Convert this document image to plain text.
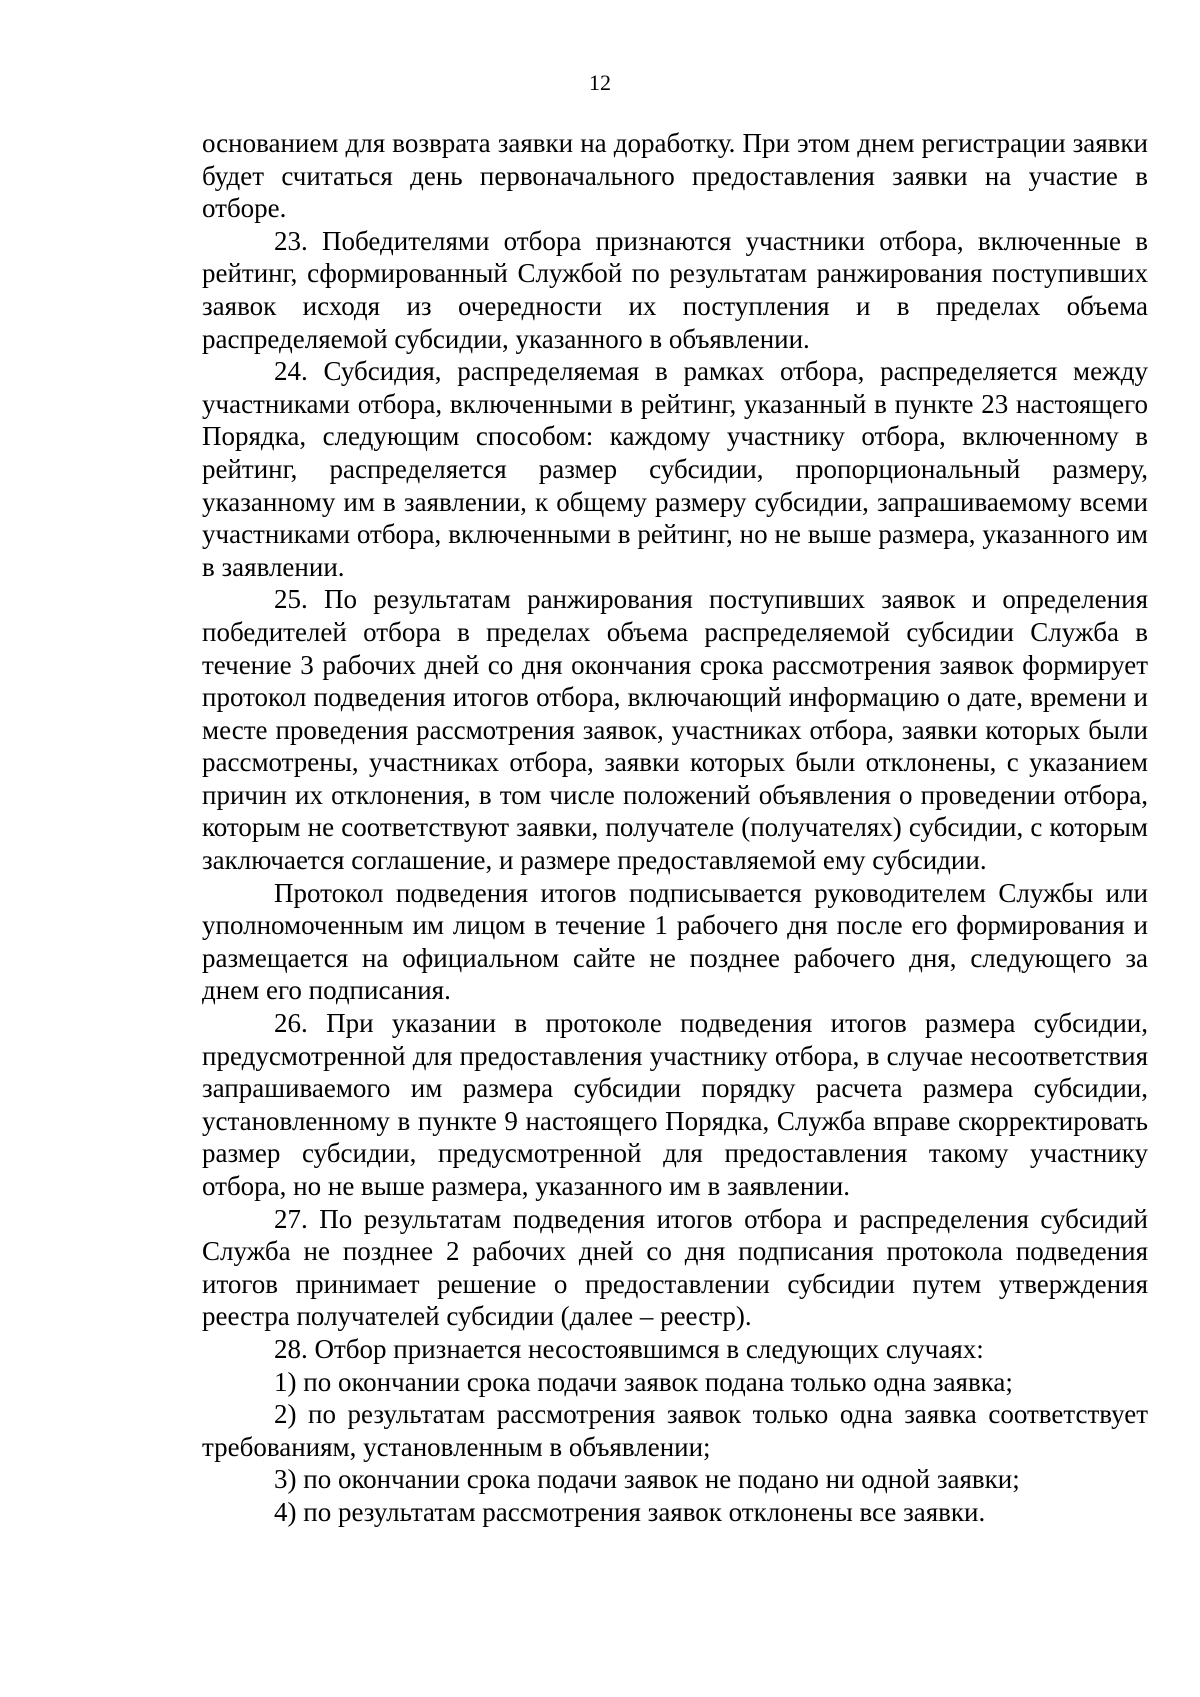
12

основанием для возврата заявки на доработку. При этом днем регистрации заявки будет считаться день первоначального предоставления заявки на участие в отборе.

23. Победителями отбора признаются участники отбора, включенные в рейтинг, сформированный Службой по результатам ранжирования поступивших заявок исходя из очередности их поступления и в пределах объема распределяемой субсидии, указанного в объявлении.

24. Субсидия, распределяемая в рамках отбора, распределяется между участниками отбора, включенными в рейтинг, указанный в пункте 23 настоящего Порядка, следующим способом: каждому участнику отбора, включенному в рейтинг, распределяется размер субсидии, пропорциональный размеру, указанному им в заявлении, к общему размеру субсидии, запрашиваемому всеми участниками отбора, включенными в рейтинг, но не выше размера, указанного им в заявлении.

25. По результатам ранжирования поступивших заявок и определения победителей отбора в пределах объема распределяемой субсидии Служба в течение 3 рабочих дней со дня окончания срока рассмотрения заявок формирует протокол подведения итогов отбора, включающий информацию о дате, времени и месте проведения рассмотрения заявок, участниках отбора, заявки которых были рассмотрены, участниках отбора, заявки которых были отклонены, с указанием причин их отклонения, в том числе положений объявления о проведении отбора, которым не соответствуют заявки, получателе (получателях) субсидии, с которым заключается соглашение, и размере предоставляемой ему субсидии.

Протокол подведения итогов подписывается руководителем Службы или уполномоченным им лицом в течение 1 рабочего дня после его формирования и размещается на официальном сайте не позднее рабочего дня, следующего за днем его подписания.

26. При указании в протоколе подведения итогов размера субсидии, предусмотренной для предоставления участнику отбора, в случае несоответствия запрашиваемого им размера субсидии порядку расчета размера субсидии, установленному в пункте 9 настоящего Порядка, Служба вправе скорректировать размер субсидии, предусмотренной для предоставления такому участнику отбора, но не выше размера, указанного им в заявлении.

27. По результатам подведения итогов отбора и распределения субсидий Служба не позднее 2 рабочих дней со дня подписания протокола подведения итогов принимает решение о предоставлении субсидии путем утверждения реестра получателей субсидии (далее – реестр).

28. Отбор признается несостоявшимся в следующих случаях:

1) по окончании срока подачи заявок подана только одна заявка;

2) по результатам рассмотрения заявок только одна заявка соответствует требованиям, установленным в объявлении;

3) по окончании срока подачи заявок не подано ни одной заявки;

4) по результатам рассмотрения заявок отклонены все заявки.
